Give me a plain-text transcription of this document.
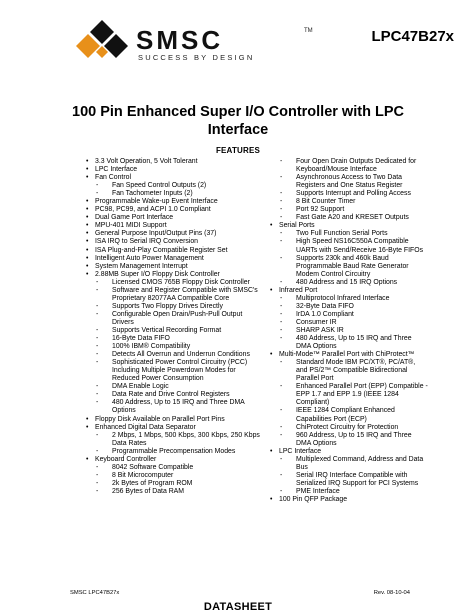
SMSC	TM
SUCCESS BY DESIGN
LPC47B27x
100 Pin Enhanced Super I/O Controller with LPC Interface
FEATURES
• 3.3 Volt Operation, 5 Volt Tolerant
• LPC Interface
• Fan Control
- Fan Speed Control Outputs (2)
- Fan Tachometer Inputs (2)
• Programmable Wake-up Event Interface
• PC98, PC99, and ACPI 1.0 Compliant
• Dual Game Port Interface
• MPU-401 MIDI Support
• General Purpose Input/Output Pins (37)
• ISA IRQ to Serial IRQ Conversion
• ISA Plug-and-Play Compatible Register Set
• Intelligent Auto Power Management
• System Management Interrupt
• 2.88MB Super I/O Floppy Disk Controller
- Licensed CMOS 765B Floppy Disk Controller
- Software and Register Compatible with SMSC's Proprietary 82077AA Compatible Core
- Supports Two Floppy Drives Directly
- Configurable Open Drain/Push-Pull Output Drivers
- Supports Vertical Recording Format
- 16-Byte Data FIFO
- 100% IBM® Compatibility
- Detects All Overrun and Underrun Conditions
- Sophisticated Power Control Circuitry (PCC) Including Multiple Powerdown Modes for Reduced Power Consumption
- DMA Enable Logic
- Data Rate and Drive Control Registers
- 480 Address, Up to 15 IRQ and Three DMA Options
• Floppy Disk Available on Parallel Port Pins
• Enhanced Digital Data Separator
- 2 Mbps, 1 Mbps, 500 Kbps, 300 Kbps, 250 Kbps Data Rates
- Programmable Precompensation Modes
• Keyboard Controller
- 8042 Software Compatible
- 8 Bit Microcomputer
- 2k Bytes of Program ROM
- 256 Bytes of Data RAM
- Four Open Drain Outputs Dedicated for Keyboard/Mouse Interface
- Asynchronous Access to Two Data Registers and One Status Register
- Supports Interrupt and Polling Access
- 8 Bit Counter Timer
- Port 92 Support
- Fast Gate A20 and KRESET Outputs
• Serial Ports
- Two Full Function Serial Ports
- High Speed NS16C550A Compatible UARTs with Send/Receive 16-Byte FIFOs
- Supports 230k and 460k Baud Programmable Baud Rate Generator Modem Control Circuitry
- 480 Address and 15 IRQ Options
• Infrared Port
- Multiprotocol Infrared Interface
- 32-Byte Data FIFO
- IrDA 1.0 Compliant
- Consumer IR
- SHARP ASK IR
- 480 Address, Up to 15 IRQ and Three DMA Options
• Multi-Mode™ Parallel Port with ChiProtect™
- Standard Mode IBM PC/XT®, PC/AT®, and PS/2™ Compatible Bidirectional Parallel Port
- Enhanced Parallel Port (EPP) Compatible - EPP 1.7 and EPP 1.9 (IEEE 1284 Compliant)
- IEEE 1284 Compliant Enhanced Capabilities Port (ECP)
- ChiProtect Circuitry for Protection
- 960 Address, Up to 15 IRQ and Three DMA Options
• LPC Interface
- Multiplexed Command, Address and Data Bus
- Serial IRQ Interface Compatible with Serialized IRQ Support for PCI Systems
- PME Interface
• 100 Pin QFP Package
SMSC LPC47B27x	Rev. 08-10-04
DATASHEET
